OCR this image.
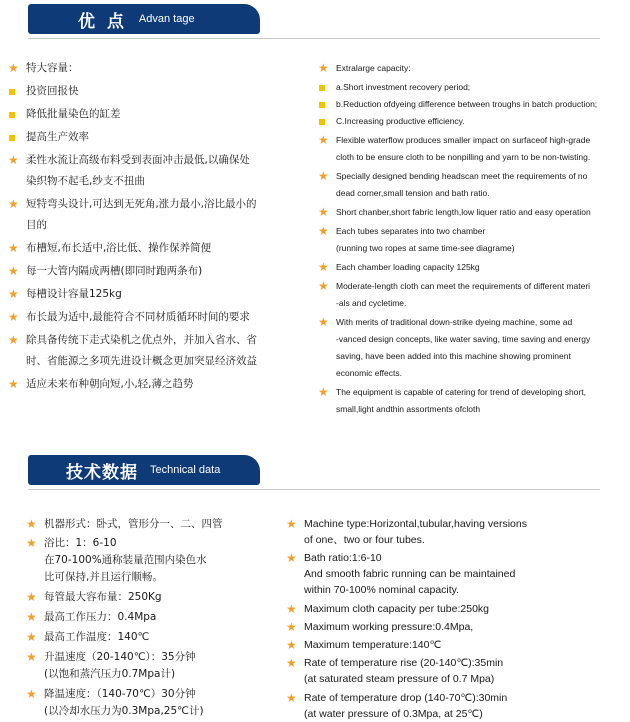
优 点 Advan tage
★ 特大容量：
投资回报快
降低批量染色的缸差
提高生产效率
★ 柔性水流让高级布料受到表面冲击最低,以确保处
染织物不起毛,纱支不扭曲
★ 短特弯头设计,可达到无死角,涨力最小,浴比最小的
目的
★ 布槽短,布长适中,浴比低、操作保养简便
★ 每一大管内隔成两槽(即同时跑两条布)
★ 每槽设计容量125kg
★ 布长最为适中,最能符合不同材质循环时间的要求
★ 除具备传统下走式染机之优点外，并加入省水、省
时、省能源之多项先进设计概念更加突显经济效益
★ 适应未来布种朝向短,小,轻,薄之趋势
★ Extralarge capacity:
a.Short investment recovery period;
b.Reduction ofdyeing difference between troughs in batch production;
C.Increasing productive efficiency.
★ Flexible waterflow produces smaller impact on surfaceof high-grade
cloth to be ensure cloth to be nonpilling and yarn to be non-twisting.
★ Specially designed bending headscan meet the requirements of no
dead corner,small tension and bath ratio.
★ Short chanber,short fabric length,low liquer ratio and easy operation
★ Each tubes separates into two chamber
(running two ropes at same time-see diagrame)
★ Each chamber loading capacity 125kg
★ Moderate-length cloth can meet the requirements of different materi
-als and cycletime.
★ With merits of traditional down-strike dyeing machine, some ad
-vanced design concepts, like water saving, time saving and energy
saving, have been added into this machine showing prominent
economic effects.
★ The equipment is capable of catering for trend of developing short,
small,light andthin assortments ofcloth
技术数据 Technical data
★ 机器形式：卧式，管形分一、二、四管
★ 浴比：1：6-10
在70-100%通称装量范围内染色水
比可保持,并且运行顺畅。
★ 每管最大容布量：250Kg
★ 最高工作压力：0.4Mpa
★ 最高工作温度：140℃
★ 升温速度（20-140℃）：35分钟
(以饱和蒸汽压力0.7Mpa计)
★ 降温速度：（140-70℃）30分钟
(以冷却水压力为0.3Mpa,25℃计)
★ Machine type:Horizontal,tubular,having versions
of one、two or four tubes.
★ Bath ratio:1:6-10
And smooth fabric running can be maintained
within 70-100% nominal capacity.
★ Maximum cloth capacity per tube:250kg
★ Maximum working pressure:0.4Mpa,
★ Maximum temperature:140℃
★ Rate of temperature rise (20-140℃):35min
(at saturated steam pressure of 0.7 Mpa)
★ Rate of temperature drop (140-70℃):30min
(at water pressure of 0.3Mpa, at 25℃)
